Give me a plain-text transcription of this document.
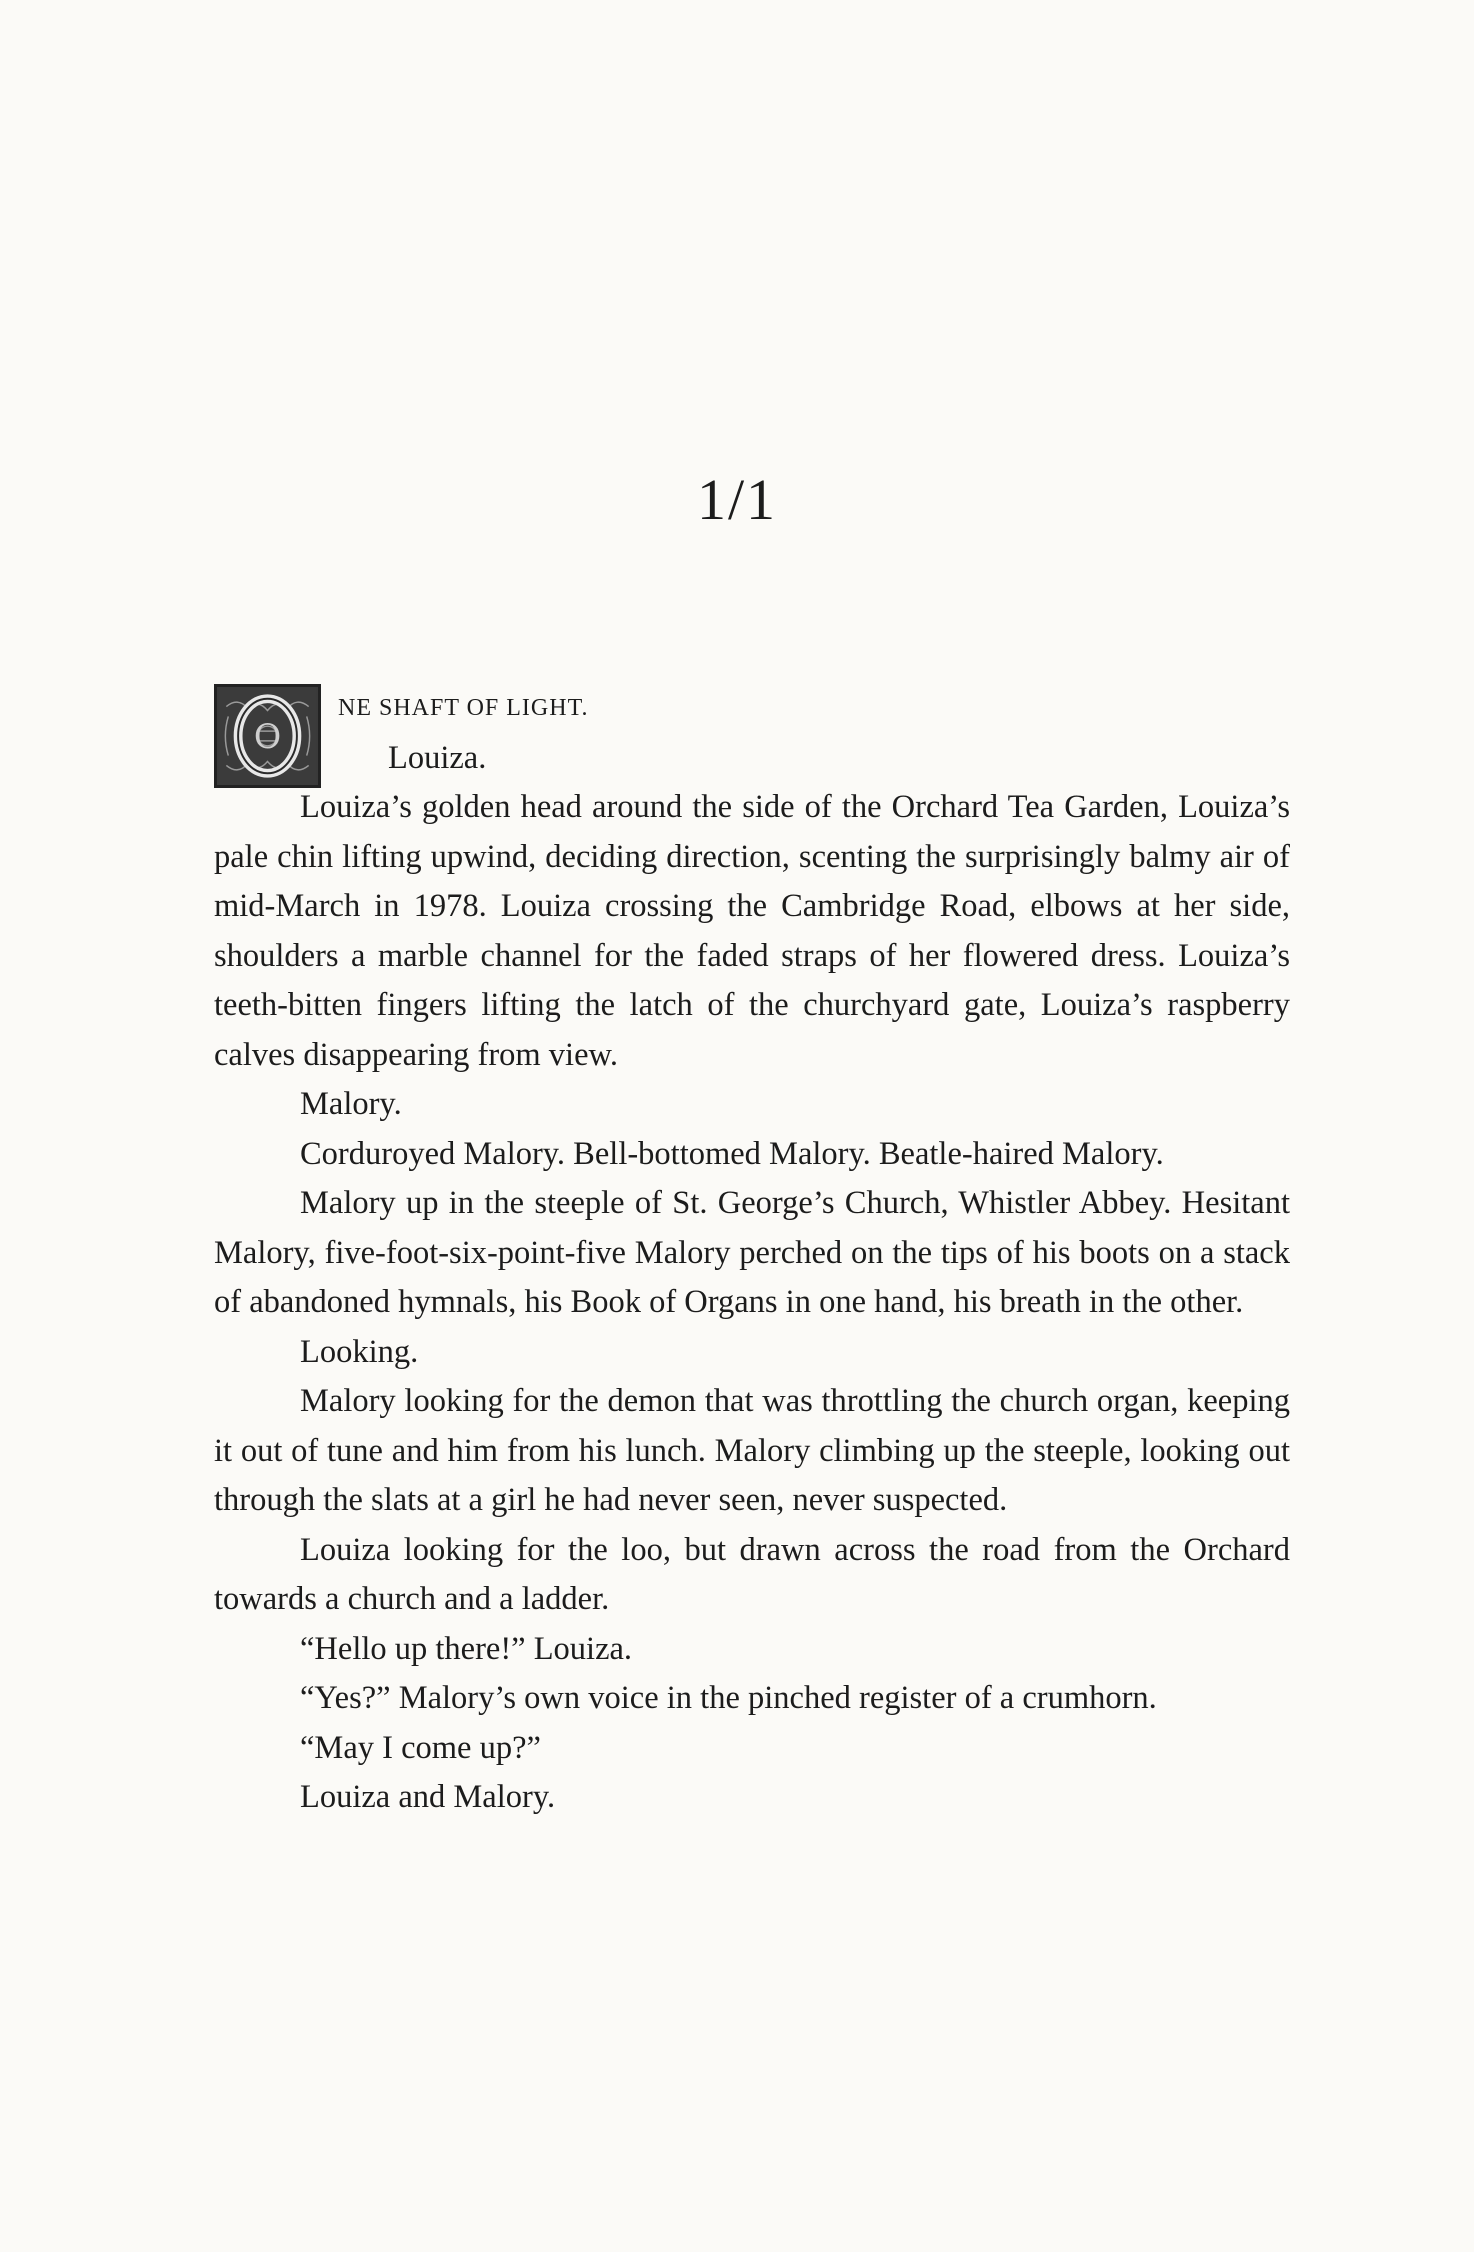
1/1
O
NE SHAFT OF LIGHT.
Louiza.

Louiza’s golden head around the side of the Orchard Tea Garden, Louiza’s pale chin lifting upwind, deciding direction, scenting the surprisingly balmy air of mid-March in 1978. Louiza crossing the Cambridge Road, elbows at her side, shoulders a marble channel for the faded straps of her flowered dress. Louiza’s teeth-bitten fingers lifting the latch of the churchyard gate, Louiza’s raspberry calves disappearing from view.

Malory.

Corduroyed Malory. Bell-bottomed Malory. Beatle-haired Malory.

Malory up in the steeple of St. George’s Church, Whistler Abbey. Hesitant Malory, five-foot-six-point-five Malory perched on the tips of his boots on a stack of abandoned hymnals, his Book of Organs in one hand, his breath in the other.

Looking.

Malory looking for the demon that was throttling the church organ, keeping it out of tune and him from his lunch. Malory climbing up the steeple, looking out through the slats at a girl he had never seen, never suspected.

Louiza looking for the loo, but drawn across the road from the Orchard towards a church and a ladder.

“Hello up there!” Louiza.

“Yes?” Malory’s own voice in the pinched register of a crumhorn.

“May I come up?”

Louiza and Malory.
